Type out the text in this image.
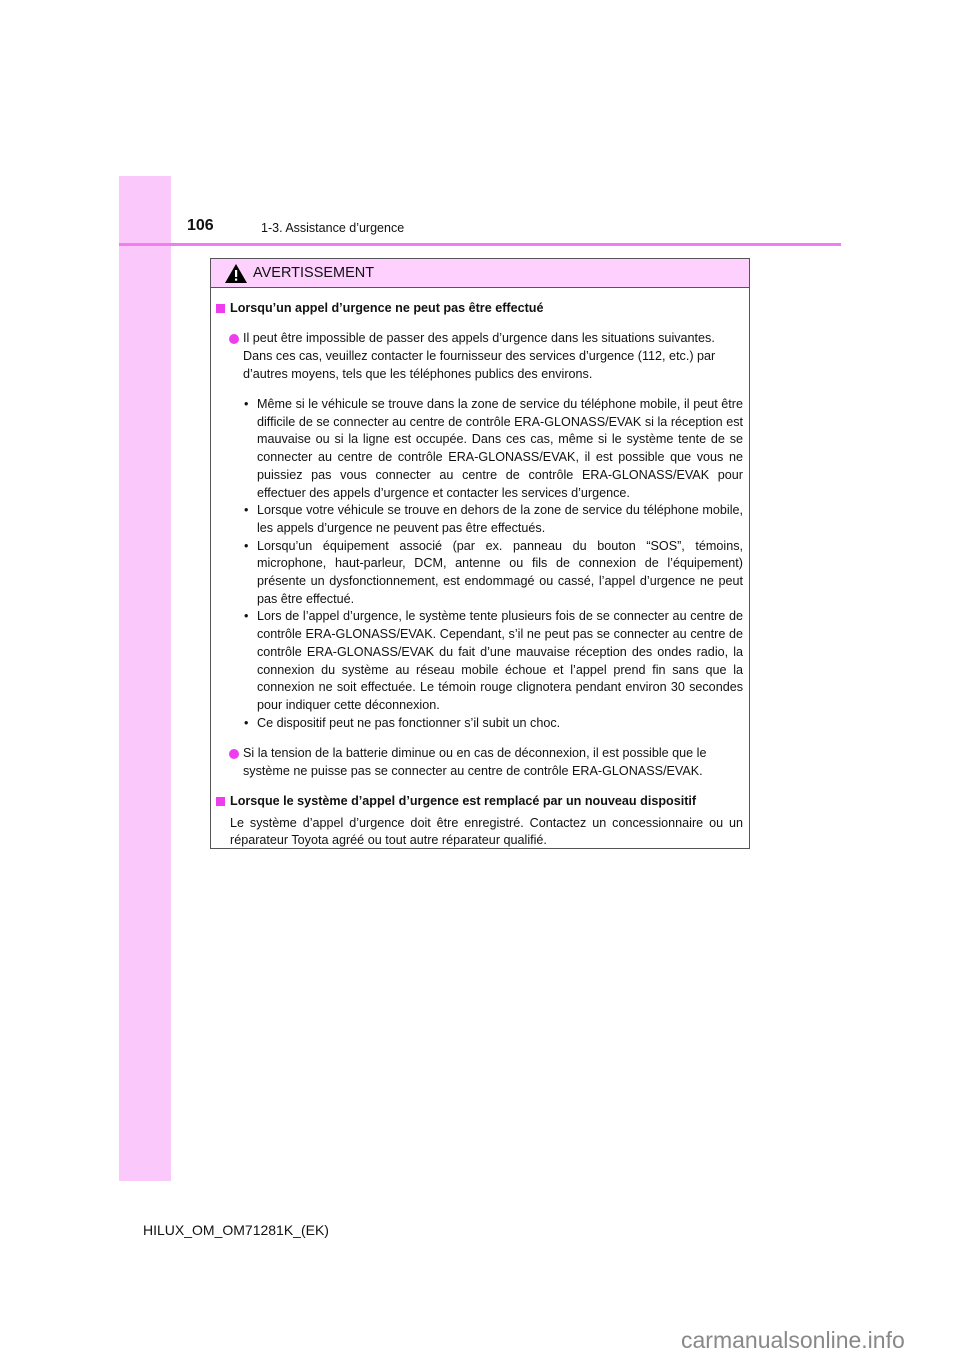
106	1-3. Assistance d’urgence
AVERTISSEMENT
Lorsqu’un appel d’urgence ne peut pas être effectué

Il peut être impossible de passer des appels d’urgence dans les situations suivantes. Dans ces cas, veuillez contacter le fournisseur des services d’urgence (112, etc.) par d’autres moyens, tels que les téléphones publics des environs.

• Même si le véhicule se trouve dans la zone de service du téléphone mobile, il peut être difficile de se connecter au centre de contrôle ERA-GLONASS/EVAK si la réception est mauvaise ou si la ligne est occupée. Dans ces cas, même si le système tente de se connecter au centre de contrôle ERA-GLONASS/EVAK, il est possible que vous ne puissiez pas vous connecter au centre de contrôle ERA-GLONASS/EVAK pour effectuer des appels d’urgence et contacter les services d’urgence.
• Lorsque votre véhicule se trouve en dehors de la zone de service du téléphone mobile, les appels d’urgence ne peuvent pas être effectués.
• Lorsqu’un équipement associé (par ex. panneau du bouton “SOS”, témoins, microphone, haut-parleur, DCM, antenne ou fils de connexion de l’équipement) présente un dysfonctionnement, est endommagé ou cassé, l’appel d’urgence ne peut pas être effectué.
• Lors de l’appel d’urgence, le système tente plusieurs fois de se connecter au centre de contrôle ERA-GLONASS/EVAK. Cependant, s’il ne peut pas se connecter au centre de contrôle ERA-GLONASS/EVAK du fait d’une mauvaise réception des ondes radio, la connexion du système au réseau mobile échoue et l’appel prend fin sans que la connexion ne soit effectuée. Le témoin rouge clignotera pendant environ 30 secondes pour indiquer cette déconnexion.
• Ce dispositif peut ne pas fonctionner s’il subit un choc.

Si la tension de la batterie diminue ou en cas de déconnexion, il est possible que le système ne puisse pas se connecter au centre de contrôle ERA-GLONASS/EVAK.

Lorsque le système d’appel d’urgence est remplacé par un nouveau dispositif

Le système d’appel d’urgence doit être enregistré. Contactez un concessionnaire ou un réparateur Toyota agréé ou tout autre réparateur qualifié.

HILUX_OM_OM71281K_(EK)
carmanualsonline.info
